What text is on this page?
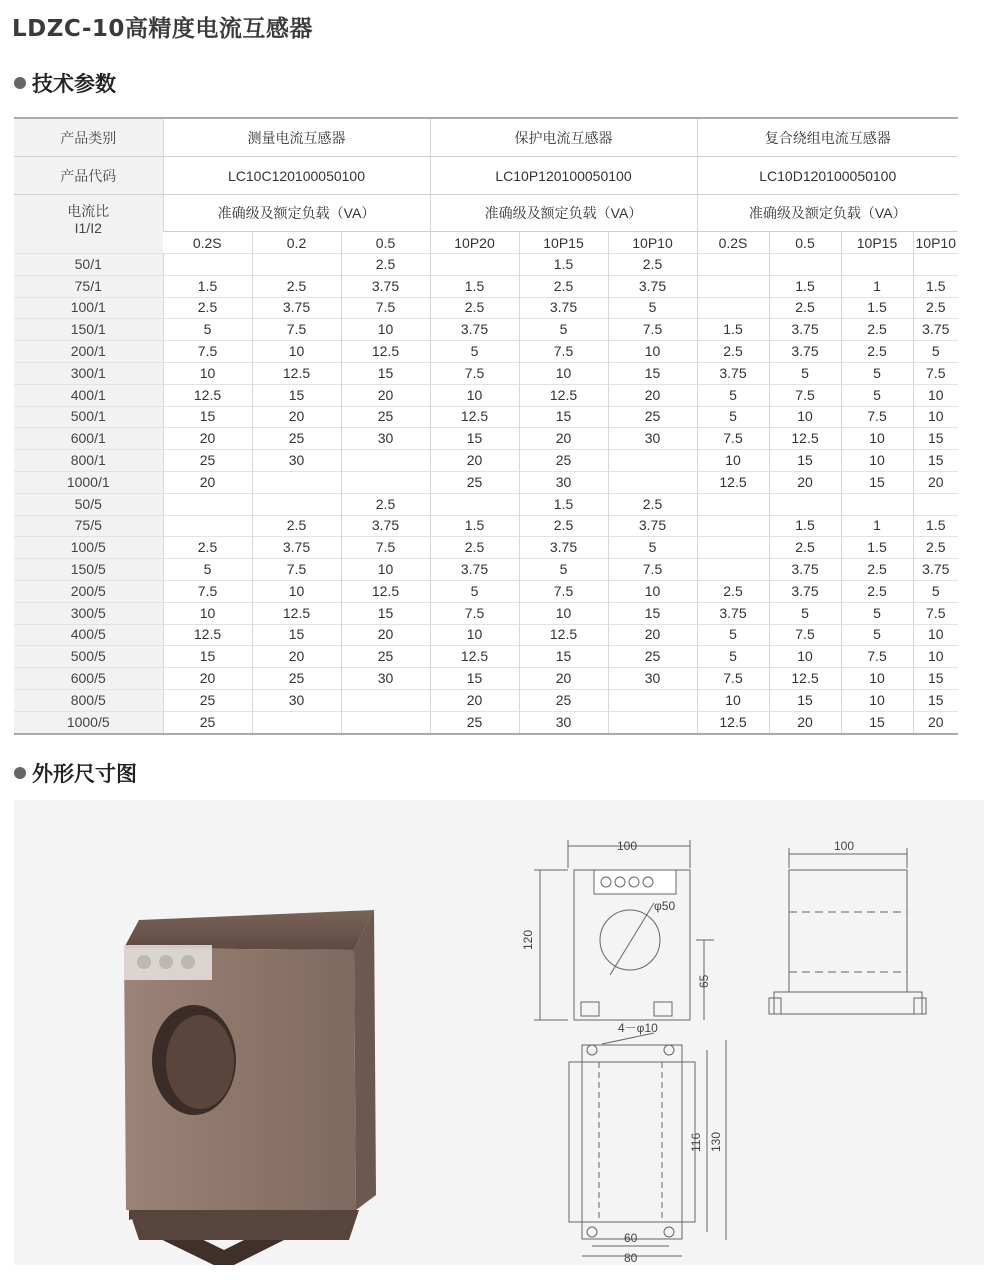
LDZC-10高精度电流互感器
技术参数
产品类别	测量电流互感器			保护电流互感器			复合绕组电流互感器			
产品代码	LC10C120100050100			LC10P120100050100			LC10D120100050100			

电流比
I1/I2	准确级及额定负载（VA）			准确级及额定负载（VA）			准确级及额定负载（VA）			
	0.2S	0.2	0.5	10P20	10P15	10P10	0.2S	0.5	10P15	10P10
50/1			2.5		1.5	2.5				
75/1	1.5	2.5	3.75	1.5	2.5	3.75		1.5	1	1.5
100/1	2.5	3.75	7.5	2.5	3.75	5		2.5	1.5	2.5
150/1	5	7.5	10	3.75	5	7.5	1.5	3.75	2.5	3.75
200/1	7.5	10	12.5	5	7.5	10	2.5	3.75	2.5	5
300/1	10	12.5	15	7.5	10	15	3.75	5	5	7.5
400/1	12.5	15	20	10	12.5	20	5	7.5	5	10
500/1	15	20	25	12.5	15	25	5	10	7.5	10
600/1	20	25	30	15	20	30	7.5	12.5	10	15
800/1	25	30		20	25		10	15	10	15
1000/1	20			25	30		12.5	20	15	20
50/5			2.5		1.5	2.5				
75/5		2.5	3.75	1.5	2.5	3.75		1.5	1	1.5
100/5	2.5	3.75	7.5	2.5	3.75	5		2.5	1.5	2.5
150/5	5	7.5	10	3.75	5	7.5		3.75	2.5	3.75
200/5	7.5	10	12.5	5	7.5	10	2.5	3.75	2.5	5
300/5	10	12.5	15	7.5	10	15	3.75	5	5	7.5
400/5	12.5	15	20	10	12.5	20	5	7.5	5	10
500/5	15	20	25	12.5	15	25	5	10	7.5	10
600/5	20	25	30	15	20	30	7.5	12.5	10	15
800/5	25	30		20	25		10	15	10	15
1000/5	25			25	30		12.5	20	15	20
外形尺寸图
100
φ50
120
65
100
4－φ10
116 130
60
80
